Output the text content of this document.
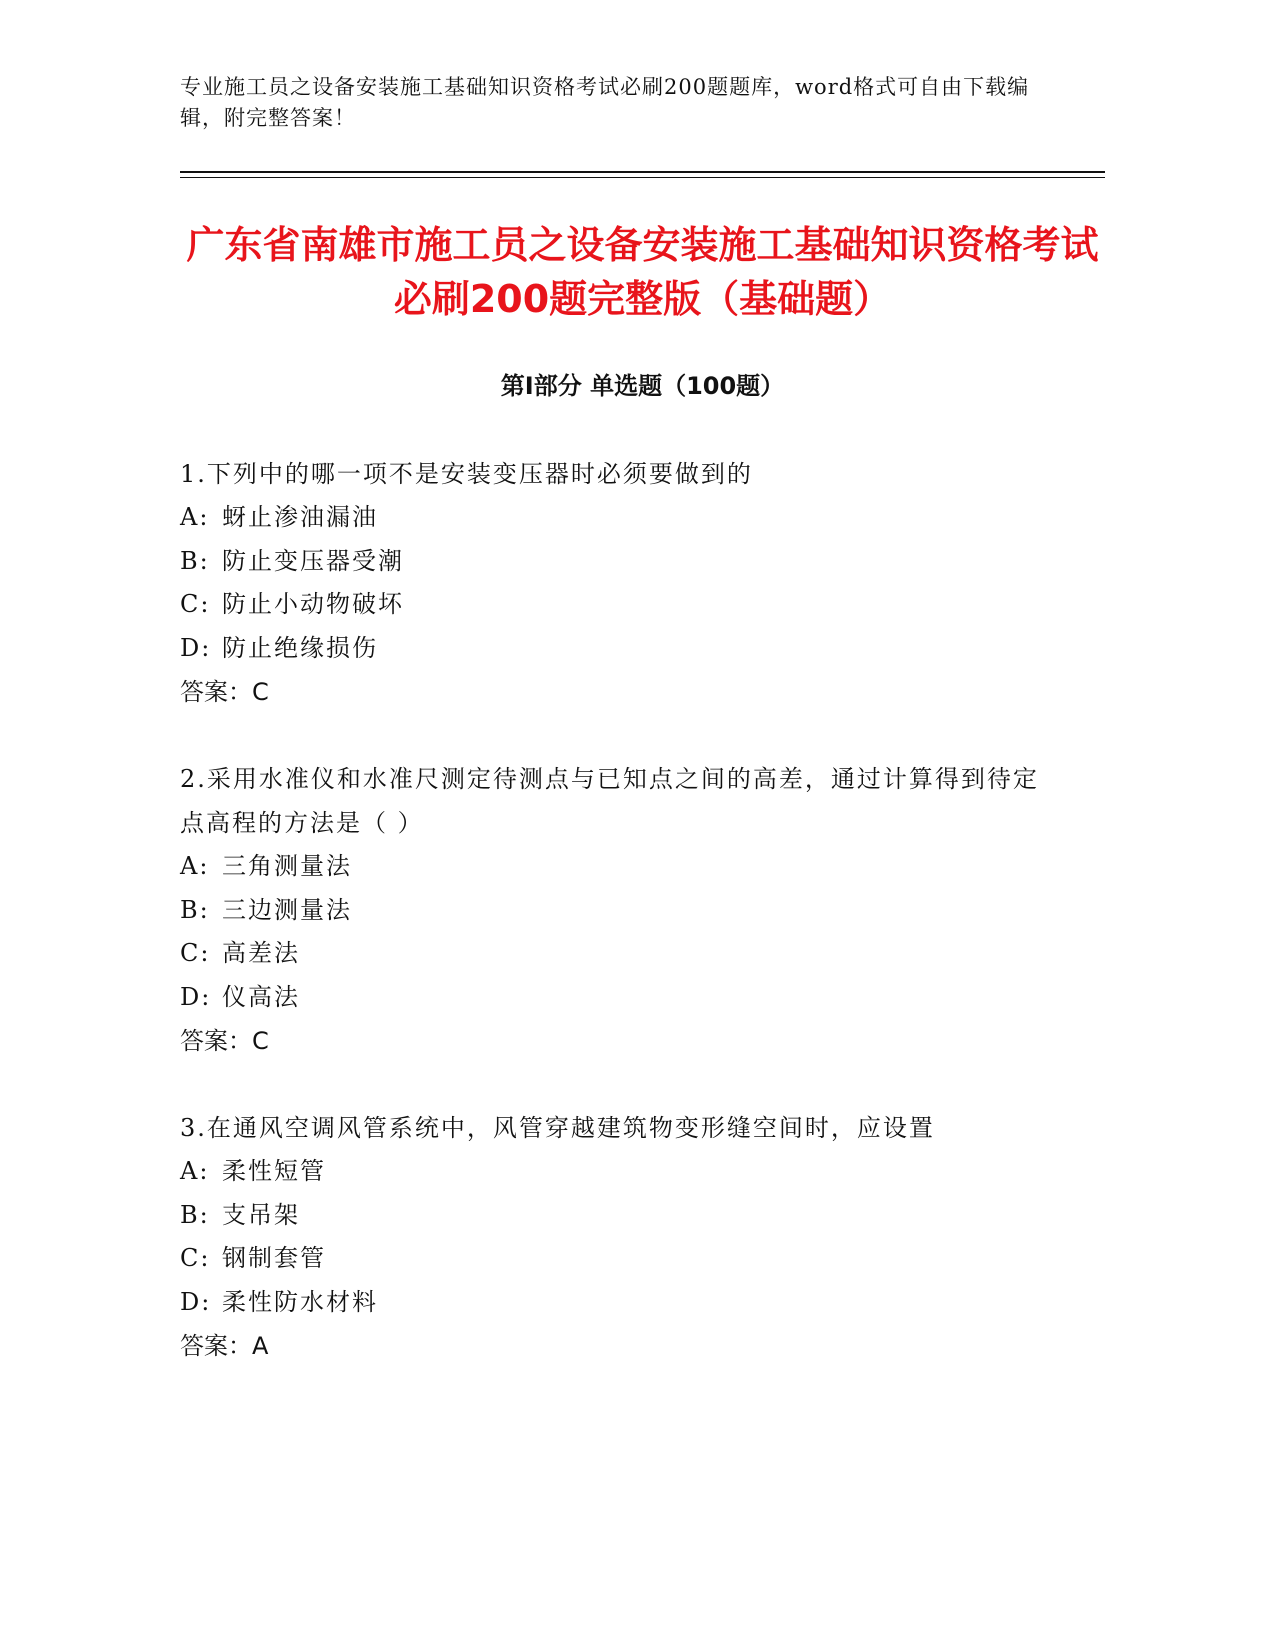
专业施工员之设备安装施工基础知识资格考试必刷200题题库，word格式可自由下载编辑，附完整答案！
广东省南雄市施工员之设备安装施工基础知识资格考试必刷200题完整版（基础题）
第Ⅰ部分 单选题（100题）
1.下列中的哪一项不是安装变压器时必须要做到的
A: 蚜止渗油漏油
B: 防止变压器受潮
C: 防止小动物破坏
D: 防止绝缘损伤
答案：C
2.采用水准仪和水准尺测定待测点与已知点之间的高差，通过计算得到待定点高程的方法是（ ）
A: 三角测量法
B: 三边测量法
C: 高差法
D: 仪高法
答案：C
3.在通风空调风管系统中，风管穿越建筑物变形缝空间时，应设置
A: 柔性短管
B: 支吊架
C: 钢制套管
D: 柔性防水材料
答案：A
